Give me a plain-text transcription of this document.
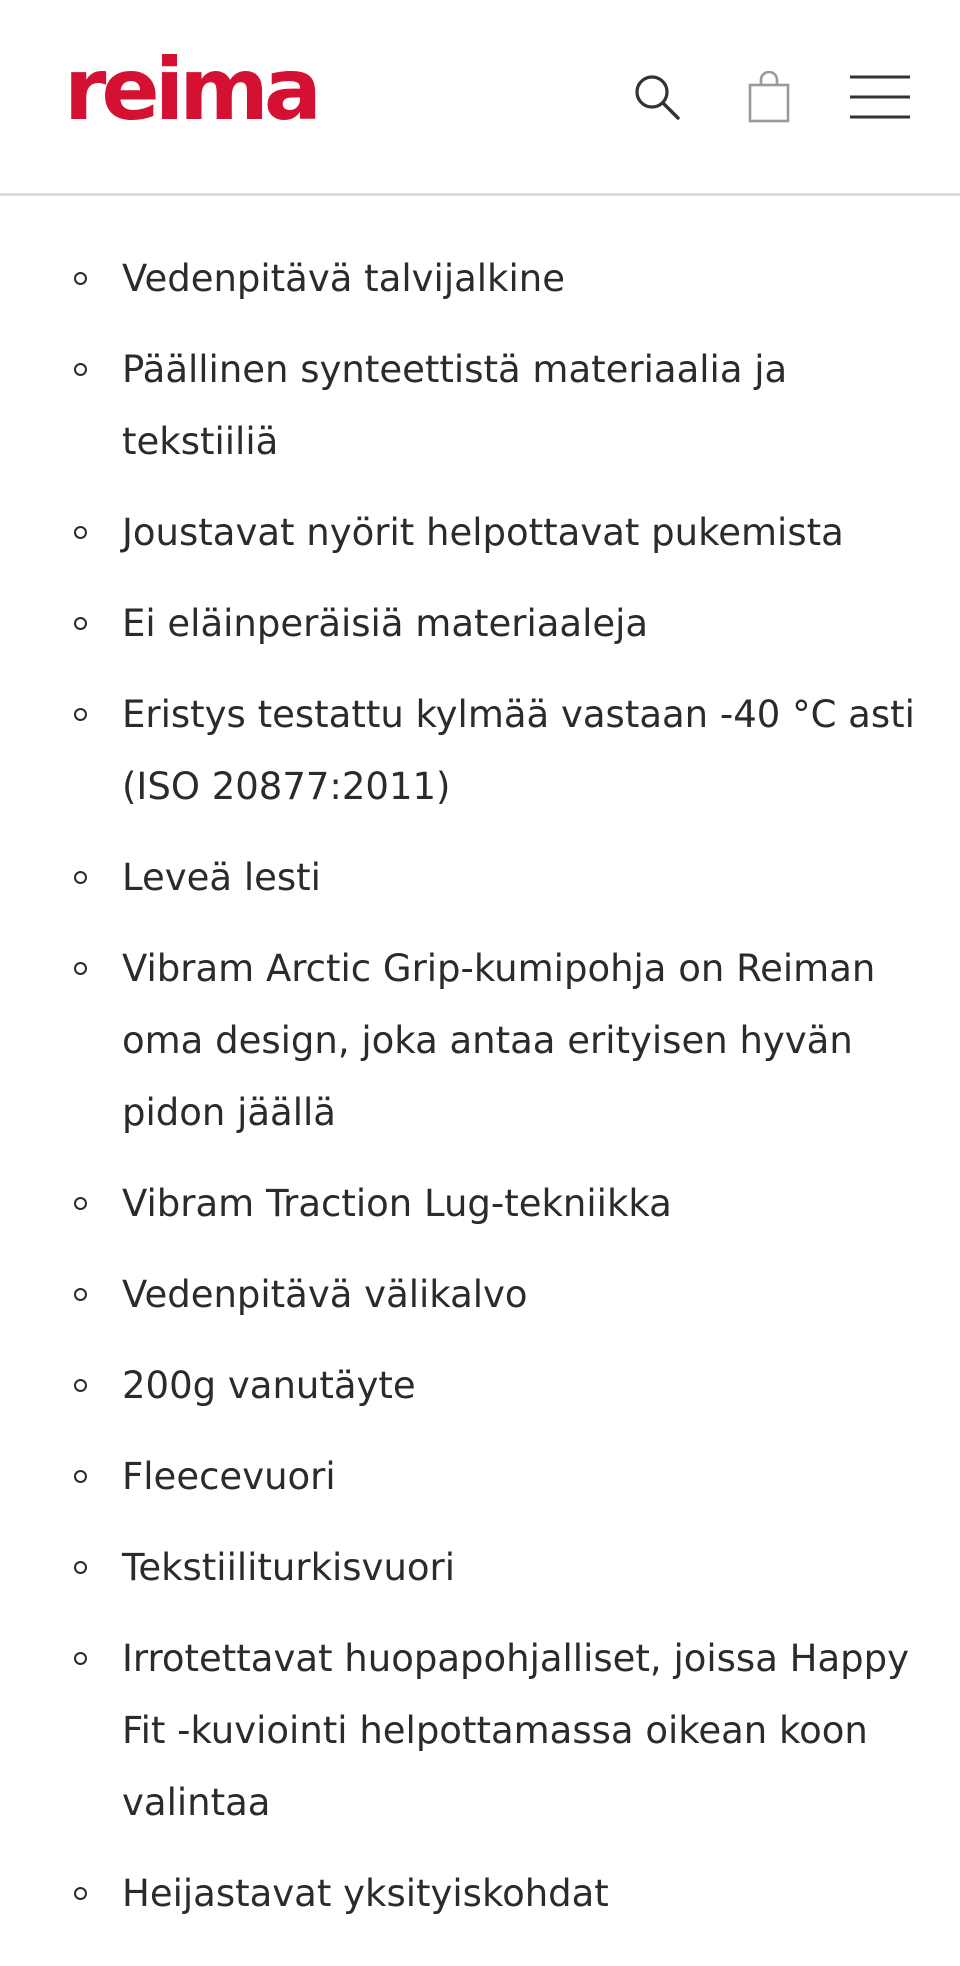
reima
Vedenpitävä talvijalkine
Päällinen synteettistä materiaalia ja tekstiiliä
Joustavat nyörit helpottavat pukemista
Ei eläinperäisiä materiaaleja
Eristys testattu kylmää vastaan -40 °C asti (ISO 20877:2011)
Leveä lesti
Vibram Arctic Grip-kumipohja on Reiman oma design, joka antaa erityisen hyvän pidon jäällä
Vibram Traction Lug-tekniikka
Vedenpitävä välikalvo
200g vanutäyte
Fleecevuori
Tekstiiliturkisvuori
Irrotettavat huopapohjalliset, joissa Happy Fit -kuviointi helpottamassa oikean koon valintaa
Heijastavat yksityiskohdat
